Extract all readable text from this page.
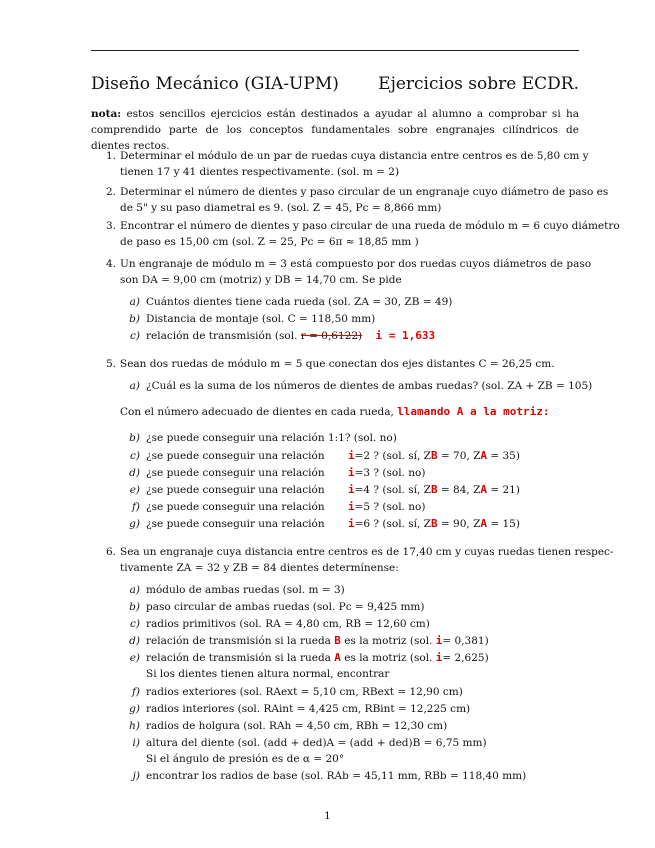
Diseño Mecánico (GIA-UPM) Ejercicios sobre ECDR.
nota: estos sencillos ejercicios están destinados a ayudar al alumno a comprobar si ha comprendido parte de los conceptos fundamentales sobre engranajes cilíndricos de dientes rectos.
1. Determinar el módulo de un par de ruedas cuya distancia entre centros es de 5,80 cm y
tienen 17 y 41 dientes respectivamente. (sol. m = 2)
2. Determinar el número de dientes y paso circular de un engranaje cuyo diámetro de paso es
de 5" y su paso diametral es 9. (sol. Z = 45, Pc = 8,866 mm)
3. Encontrar el número de dientes y paso circular de una rueda de módulo m = 6 cuyo diámetro
de paso es 15,00 cm (sol. Z = 25, Pc = 6π ≈ 18,85 mm )
4. Un engranaje de módulo m = 3 está compuesto por dos ruedas cuyos diámetros de paso
son DA = 9,00 cm (motriz) y DB = 14,70 cm. Se pide
a) Cuántos dientes tiene cada rueda (sol. ZA = 30, ZB = 49)
b) Distancia de montaje (sol. C = 118,50 mm)
c) relación de transmisión (sol. r = 0,6122) i = 1,633
5. Sean dos ruedas de módulo m = 5 que conectan dos ejes distantes C = 26,25 cm.
a) ¿Cuál es la suma de los números de dientes de ambas ruedas? (sol. ZA + ZB = 105)
Con el número adecuado de dientes en cada rueda, llamando A a la motriz:
b) ¿se puede conseguir una relación 1:1? (sol. no)
c) ¿se puede conseguir una relación i=2 ? (sol. sí, ZB = 70, ZA = 35)
d) ¿se puede conseguir una relación i=3 ? (sol. no)
e) ¿se puede conseguir una relación i=4 ? (sol. sí, ZB = 84, ZA = 21)
f) ¿se puede conseguir una relación i=5 ? (sol. no)
g) ¿se puede conseguir una relación i=6 ? (sol. sí, ZB = 90, ZA = 15)
6. Sea un engranaje cuya distancia entre centros es de 17,40 cm y cuyas ruedas tienen respec-
tivamente ZA = 32 y ZB = 84 dientes determínense:
a) módulo de ambas ruedas (sol. m = 3)
b) paso circular de ambas ruedas (sol. Pc = 9,425 mm)
c) radios primitivos (sol. RA = 4,80 cm, RB = 12,60 cm)
d) relación de transmisión si la rueda B es la motriz (sol. i= 0,381)
e) relación de transmisión si la rueda A es la motriz (sol. i= 2,625)
Si los dientes tienen altura normal, encontrar
f) radios exteriores (sol. RAext = 5,10 cm, RBext = 12,90 cm)
g) radios interiores (sol. RAint = 4,425 cm, RBint = 12,225 cm)
h) radios de holgura (sol. RAh = 4,50 cm, RBh = 12,30 cm)
i) altura del diente (sol. (add + ded)A = (add + ded)B = 6,75 mm)
Si el ángulo de presión es de α = 20°
j) encontrar los radios de base (sol. RAb = 45,11 mm, RBb = 118,40 mm)
1
